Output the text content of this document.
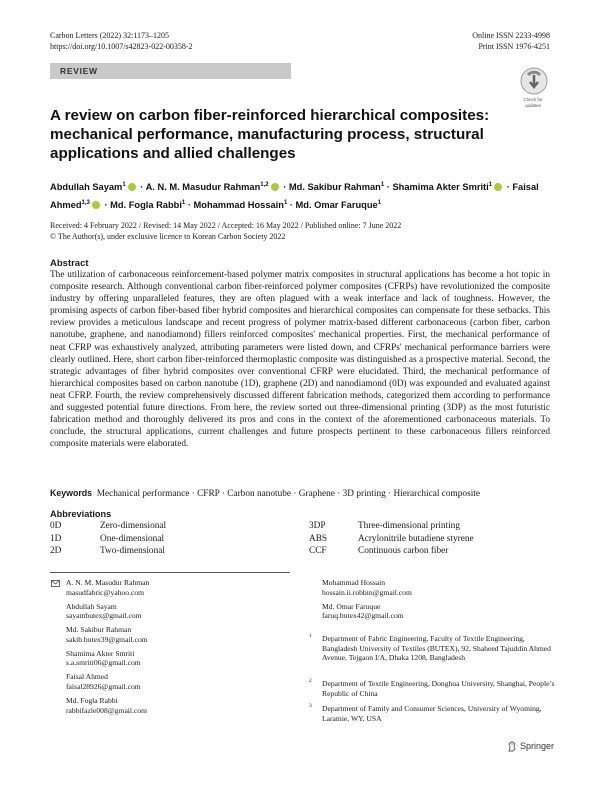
Carbon Letters (2022) 32:1173–1205
https://doi.org/10.1007/s42823-022-00358-2
Online ISSN 2233-4998
Print ISSN 1976-4251
REVIEW
Check for
updates
A review on carbon fiber-reinforced hierarchical composites: mechanical performance, manufacturing process, structural applications and allied challenges
Abdullah Sayam$^1$ · A. N. M. Masudur Rahman$^{1,2}$ · Md. Sakibur Rahman$^1$ · Shamima Akter Smriti$^1$ · Faisal Ahmed$^{1,3}$ · Md. Fogla Rabbi$^1$ · Mohammad Hossain$^1$ · Md. Omar Faruque$^1$
Received: 4 February 2022 / Revised: 14 May 2022 / Accepted: 16 May 2022 / Published online: 7 June 2022
© The Author(s), under exclusive licence to Korean Carbon Society 2022
Abstract
The utilization of carbonaceous reinforcement-based polymer matrix composites in structural applications has become a hot topic in composite research. Although conventional carbon fiber-reinforced polymer composites (CFRPs) have revolutionized the composite industry by offering unparalleled features, they are often plagued with a weak interface and lack of toughness. However, the promising aspects of carbon fiber-based fiber hybrid composites and hierarchical composites can compensate for these setbacks. This review provides a meticulous landscape and recent progress of polymer matrix-based different carbonaceous (carbon fiber, carbon nanotube, graphene, and nanodiamond) fillers reinforced composites' mechanical properties. First, the mechanical performance of neat CFRP was exhaustively analyzed, attributing parameters were listed down, and CFRPs' mechanical performance barriers were clearly outlined. Here, short carbon fiber-reinforced thermoplastic composite was distinguished as a prospective material. Second, the strategic advantages of fiber hybrid composites over conventional CFRP were elucidated. Third, the mechanical performance of hierarchical composites based on carbon nanotube (1D), graphene (2D) and nanodiamond (0D) was expounded and evaluated against neat CFRP. Fourth, the review comprehensively discussed different fabrication methods, categorized them according to performance and suggested potential future directions. From here, the review sorted out three-dimensional printing (3DP) as the most futuristic fabrication method and thoroughly delivered its pros and cons in the context of the aforementioned carbonaceous materials. To conclude, the structural applications, current challenges and future prospects pertinent to these carbonaceous fillers reinforced composite materials were elaborated.
Keywords Mechanical performance · CFRP · Carbon nanotube · Graphene · 3D printing · Hierarchical composite
Abbreviations
0D	Zero-dimensional
1D	One-dimensional
2D	Two-dimensional
3DP	Three-dimensional printing
ABS	Acrylonitrile butadiene styrene
CCF	Continuous carbon fiber
A. N. M. Masudur Rahman
masudfabric@yahoo.com
Abdullah Sayam
sayambutex@gmail.com
Md. Sakibur Rahman
sakib.butex39@gmail.com
Shamima Akter Smriti
s.a.smriti06@gmail.com
Faisal Ahmed
faisal28926@gmail.com
Md. Fogla Rabbi
rabbifazle008@gmail.com
Mohammad Hossain
hossain.ii.robbin@gmail.com
Md. Omar Faruque
faruq.butex42@gmail.com
1 Department of Fabric Engineering, Faculty of Textile Engineering, Bangladesh University of Textiles (BUTEX), 92, Shaheed Tajuddin Ahmed Avenue, Tejgaon I/A, Dhaka 1208, Bangladesh
2 Department of Textile Engineering, Donghua University, Shanghai, People’s Republic of China
3 Department of Family and Consumer Sciences, University of Wyoming, Laramie, WY, USA
Springer
